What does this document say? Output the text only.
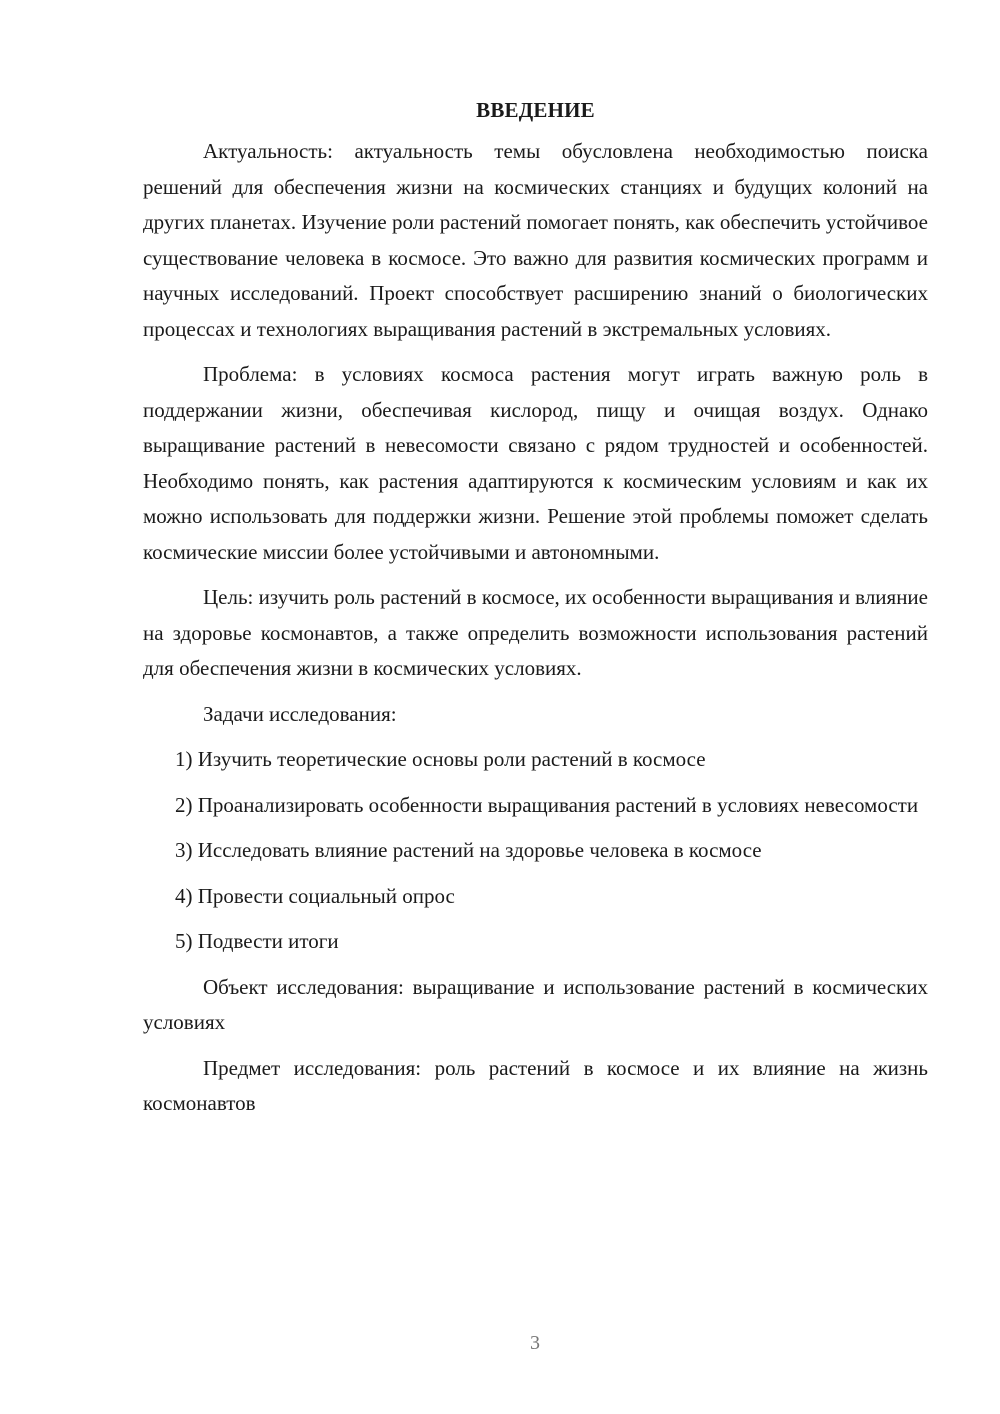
ВВЕДЕНИЕ

Актуальность: актуальность темы обусловлена необходимостью поиска решений для обеспечения жизни на космических станциях и будущих колоний на других планетах. Изучение роли растений помогает понять, как обеспечить устойчивое существование человека в космосе. Это важно для развития космических программ и научных исследований. Проект способствует расширению знаний о биологических процессах и технологиях выращивания растений в экстремальных условиях.

Проблема: в условиях космоса растения могут играть важную роль в поддержании жизни, обеспечивая кислород, пищу и очищая воздух. Однако выращивание растений в невесомости связано с рядом трудностей и особенностей. Необходимо понять, как растения адаптируются к космическим условиям и как их можно использовать для поддержки жизни. Решение этой проблемы поможет сделать космические миссии более устойчивыми и автономными.

Цель: изучить роль растений в космосе, их особенности выращивания и влияние на здоровье космонавтов, а также определить возможности использования растений для обеспечения жизни в космических условиях.

Задачи исследования:

1) Изучить теоретические основы роли растений в космосе
2) Проанализировать особенности выращивания растений в условиях невесомости
3) Исследовать влияние растений на здоровье человека в космосе
4) Провести социальный опрос
5) Подвести итоги

Объект исследования: выращивание и использование растений в космических условиях

Предмет исследования: роль растений в космосе и их влияние на жизнь космонавтов

3
